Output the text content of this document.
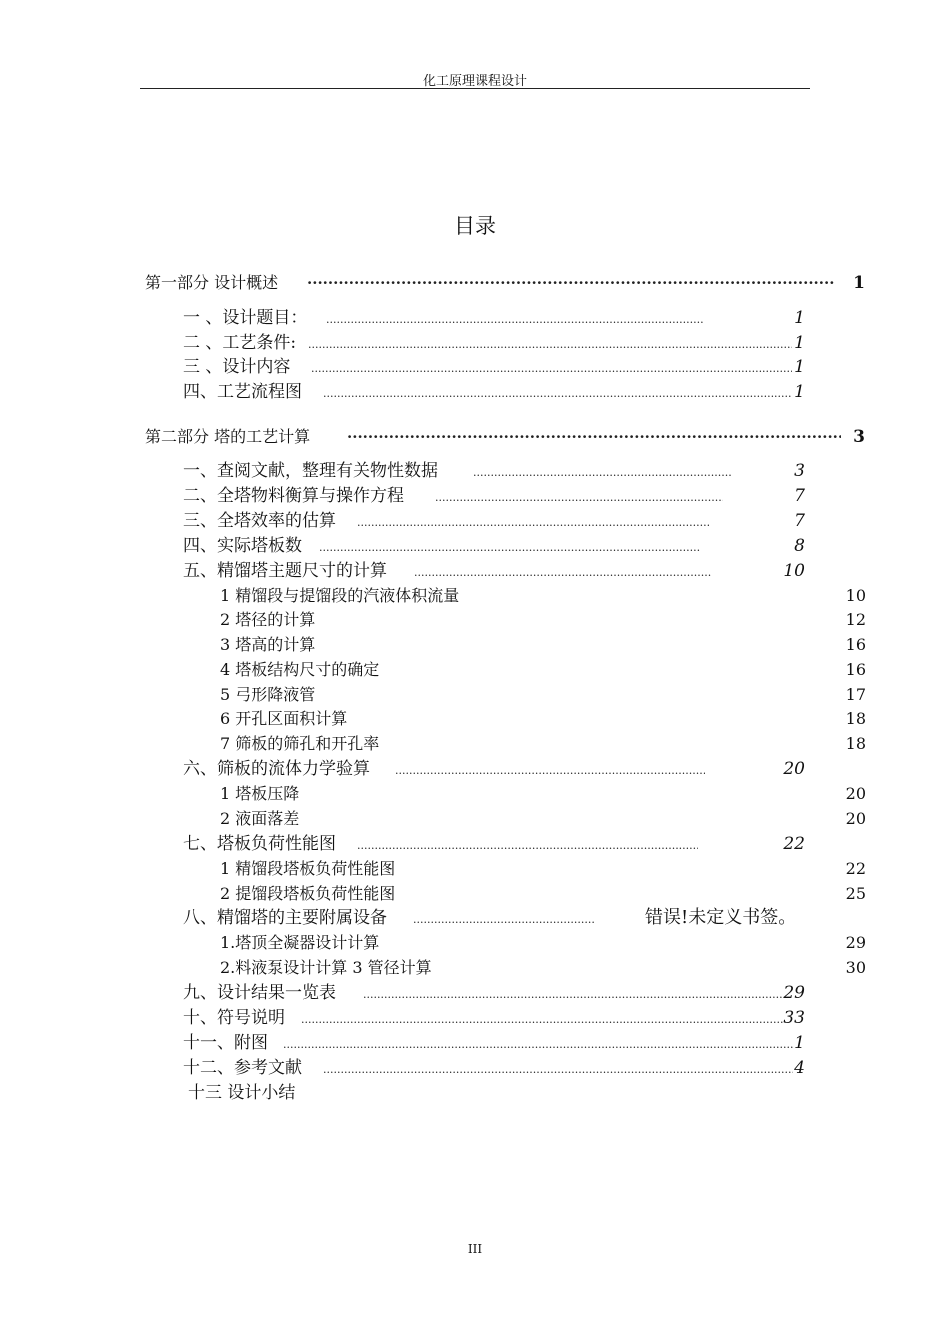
化工原理课程设计
目录
第一部分 设计概述 ·····	1
一 、设计题目： .....	1
二 、工艺条件: .....	1
三 、设计内容 .....	1
四、工艺流程图 .....	1
第二部分 塔的工艺计算 ·····	3
一、查阅文献，整理有关物性数据 .....	3
二、全塔物料衡算与操作方程 .....	7
三、全塔效率的估算 .....	7
四、实际塔板数 .....	8
五、精馏塔主题尺寸的计算 .....	10
1 精馏段与提馏段的汽液体积流量	10
2 塔径的计算	12
3 塔高的计算	16
4 塔板结构尺寸的确定	16
5 弓形降液管	17
6 开孔区面积计算	18
7 筛板的筛孔和开孔率	18
六、筛板的流体力学验算 .....	20
1 塔板压降	20
2 液面落差	20
七、塔板负荷性能图 .....	22
1 精馏段塔板负荷性能图	22
2 提馏段塔板负荷性能图	25
八、精馏塔的主要附属设备 .....	错误!未定义书签。
1.塔顶全凝器设计计算	29
2.料液泵设计计算 3 管径计算	30
九、设计结果一览表 .....	29
十、符号说明 .....	33
十一、附图 .....	1
十二、参考文献 .....	4
十三 设计小结
III
